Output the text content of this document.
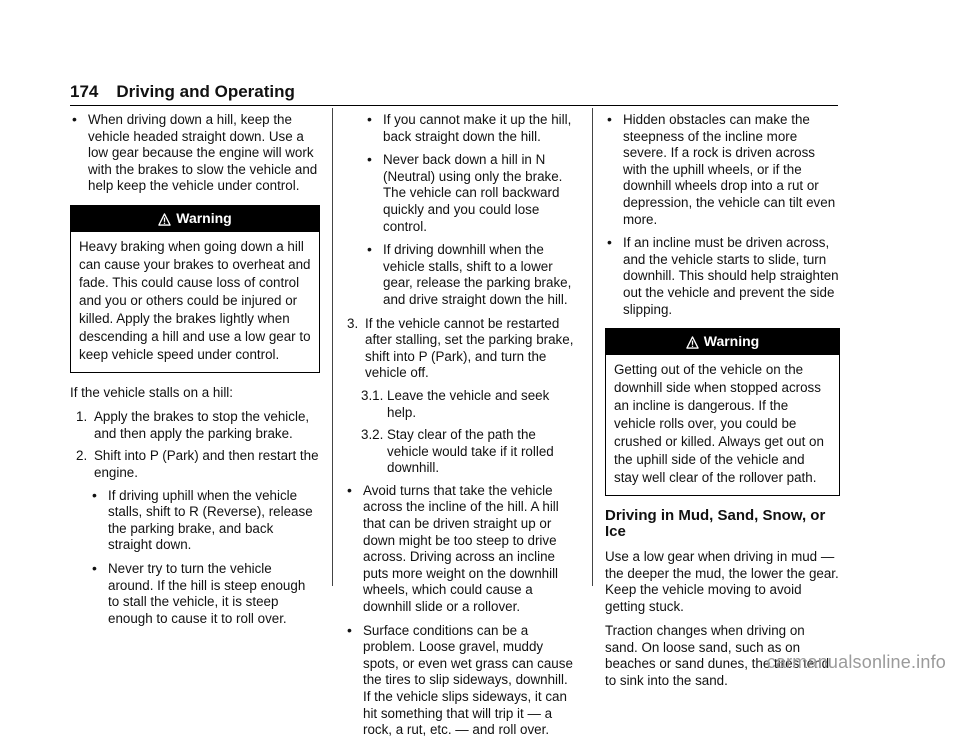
174 Driving and Operating
• When driving down a hill, keep the vehicle headed straight down. Use a low gear because the engine will work with the brakes to slow the vehicle and help keep the vehicle under control.
Warning
Heavy braking when going down a hill can cause your brakes to overheat and fade. This could cause loss of control and you or others could be injured or killed. Apply the brakes lightly when descending a hill and use a low gear to keep vehicle speed under control.

If the vehicle stalls on a hill:

1. Apply the brakes to stop the vehicle, and then apply the parking brake.
2. Shift into P (Park) and then restart the engine.
• If driving uphill when the vehicle stalls, shift to R (Reverse), release the parking brake, and back straight down.
• Never try to turn the vehicle around. If the hill is steep enough to stall the vehicle, it is steep enough to cause it to roll over.
• If you cannot make it up the hill, back straight down the hill.
• Never back down a hill in N (Neutral) using only the brake. The vehicle can roll backward quickly and you could lose control.
• If driving downhill when the vehicle stalls, shift to a lower gear, release the parking brake, and drive straight down the hill.
3. If the vehicle cannot be restarted after stalling, set the parking brake, shift into P (Park), and turn the vehicle off.
3.1. Leave the vehicle and seek help.
3.2. Stay clear of the path the vehicle would take if it rolled downhill.
• Avoid turns that take the vehicle across the incline of the hill. A hill that can be driven straight up or down might be too steep to drive across. Driving across an incline puts more weight on the downhill wheels, which could cause a downhill slide or a rollover.
• Surface conditions can be a problem. Loose gravel, muddy spots, or even wet grass can cause the tires to slip sideways, downhill. If the vehicle slips sideways, it can hit something that will trip it — a rock, a rut, etc. — and roll over.
• Hidden obstacles can make the steepness of the incline more severe. If a rock is driven across with the uphill wheels, or if the downhill wheels drop into a rut or depression, the vehicle can tilt even more.
• If an incline must be driven across, and the vehicle starts to slide, turn downhill. This should help straighten out the vehicle and prevent the side slipping.
Warning
Getting out of the vehicle on the downhill side when stopped across an incline is dangerous. If the vehicle rolls over, you could be crushed or killed. Always get out on the uphill side of the vehicle and stay well clear of the rollover path.
Driving in Mud, Sand, Snow, or Ice

Use a low gear when driving in mud — the deeper the mud, the lower the gear. Keep the vehicle moving to avoid getting stuck.

Traction changes when driving on sand. On loose sand, such as on beaches or sand dunes, the tires tend to sink into the sand.

carmanualsonline.info
